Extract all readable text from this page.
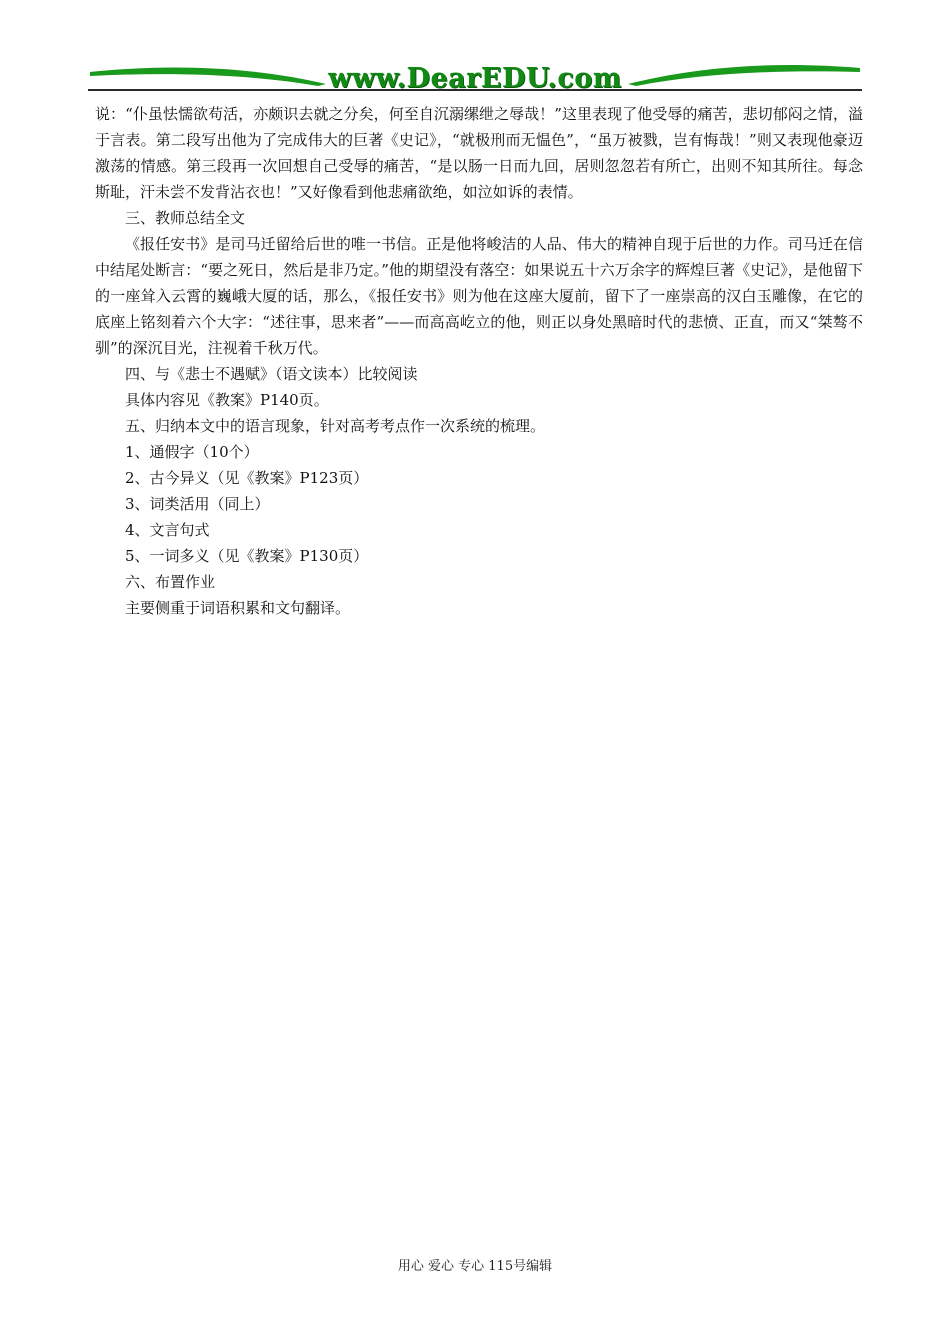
www.DearEDU.com

说：“仆虽怯懦欲苟活，亦颇识去就之分矣，何至自沉溺缧绁之辱哉！”这里表现了他受辱的痛苦，悲切郁闷之情，溢于言表。第二段写出他为了完成伟大的巨著《史记》，“就极刑而无愠色”，“虽万被戮，岂有悔哉！”则又表现他豪迈激荡的情感。第三段再一次回想自己受辱的痛苦，“是以肠一日而九回，居则忽忽若有所亡，出则不知其所往。每念斯耻，汗未尝不发背沾衣也！”又好像看到他悲痛欲绝，如泣如诉的表情。

三、教师总结全文

《报任安书》是司马迁留给后世的唯一书信。正是他将峻洁的人品、伟大的精神自现于后世的力作。司马迁在信中结尾处断言：“要之死日，然后是非乃定。”他的期望没有落空：如果说五十六万余字的辉煌巨著《史记》，是他留下的一座耸入云霄的巍峨大厦的话，那么，《报任安书》则为他在这座大厦前，留下了一座崇高的汉白玉雕像，在它的底座上铭刻着六个大字：“述往事，思来者”——而高高屹立的他，则正以身处黑暗时代的悲愤、正直，而又“桀骜不驯”的深沉目光，注视着千秋万代。

四、与《悲士不遇赋》（语文读本）比较阅读

具体内容见《教案》P140页。

五、归纳本文中的语言现象，针对高考考点作一次系统的梳理。

1、通假字（10个）

2、古今异义（见《教案》P123页）

3、词类活用（同上）

4、文言句式

5、一词多义（见《教案》P130页）

六、布置作业

主要侧重于词语积累和文句翻译。

用心 爱心 专心 115号编辑
